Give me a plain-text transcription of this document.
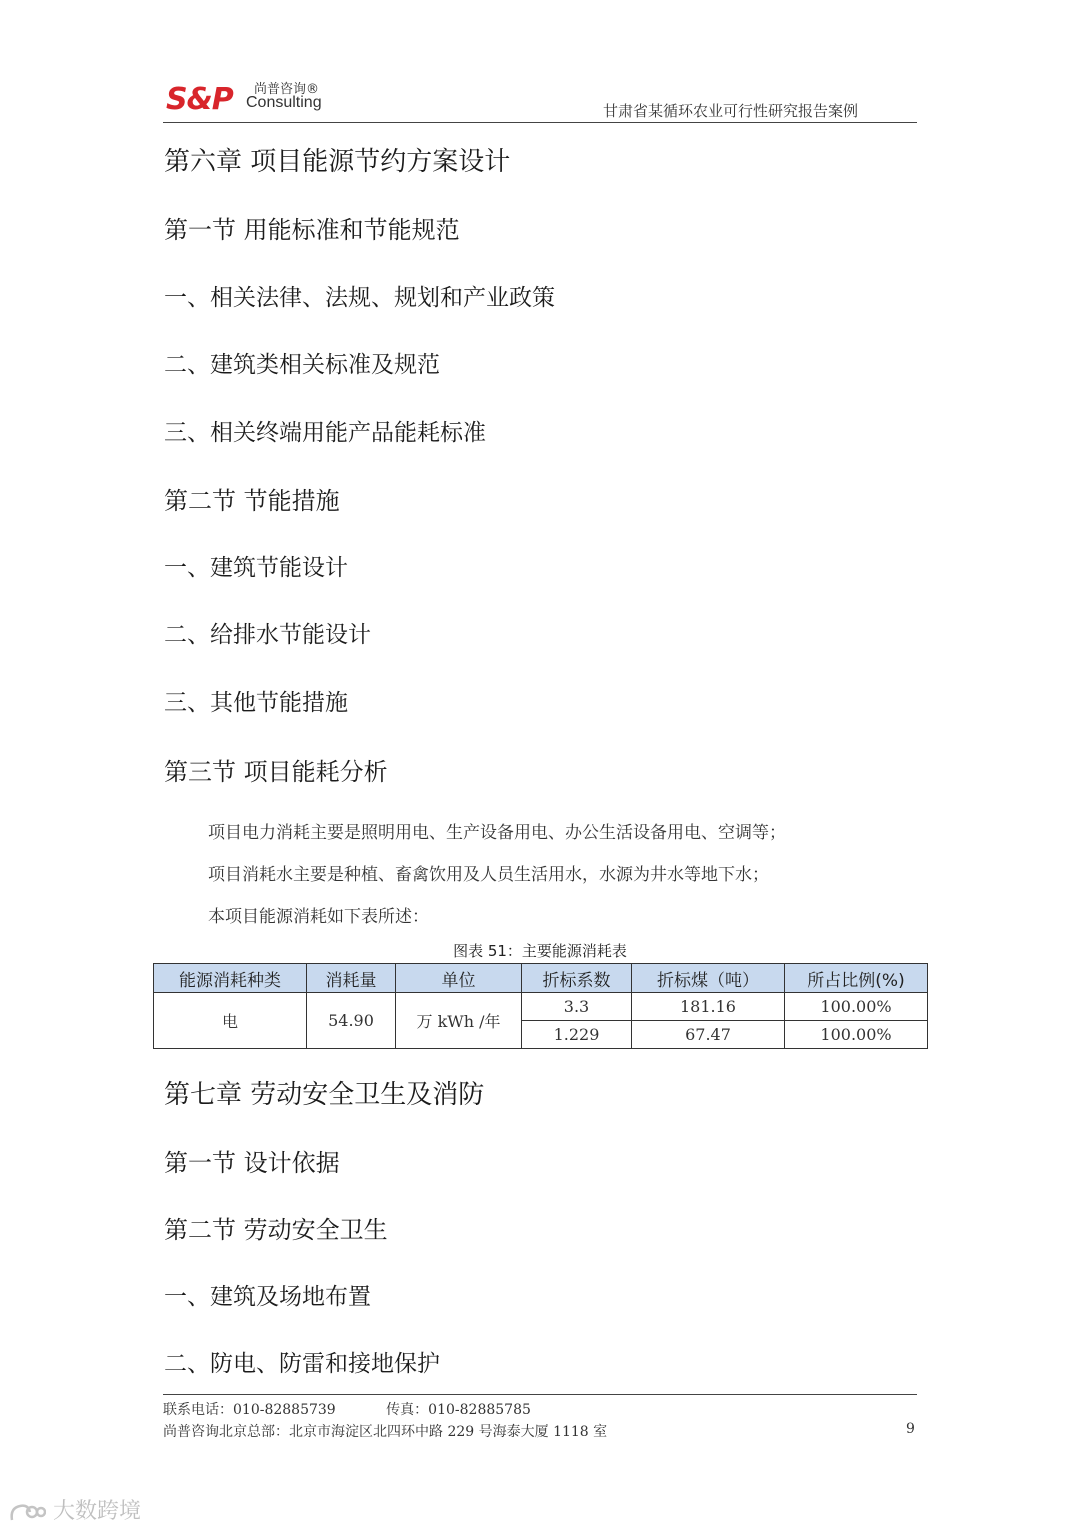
S&P 尚普咨询®
Consulting	甘肃省某循环农业可行性研究报告案例
第六章 项目能源节约方案设计
第一节 用能标准和节能规范
一、相关法律、法规、规划和产业政策
二、建筑类相关标准及规范
三、相关终端用能产品能耗标准
第二节 节能措施
一、建筑节能设计
二、给排水节能设计
三、其他节能措施
第三节 项目能耗分析
项目电力消耗主要是照明用电、生产设备用电、办公生活设备用电、空调等；
项目消耗水主要是种植、畜禽饮用及人员生活用水，水源为井水等地下水；
本项目能源消耗如下表所述：
图表 51：主要能源消耗表
能源消耗种类	消耗量	单位	折标系数	折标煤（吨）	所占比例(%)
电	54.90	万 kWh /年	3.3	181.16	100.00%
			1.229	67.47	100.00%
第七章 劳动安全卫生及消防
第一节 设计依据
第二节 劳动安全卫生
一、建筑及场地布置
二、防电、防雷和接地保护
联系电话：010-82885739	传真：010-82885785
尚普咨询北京总部：北京市海淀区北四环中路 229 号海泰大厦 1118 室	9
大数跨境
